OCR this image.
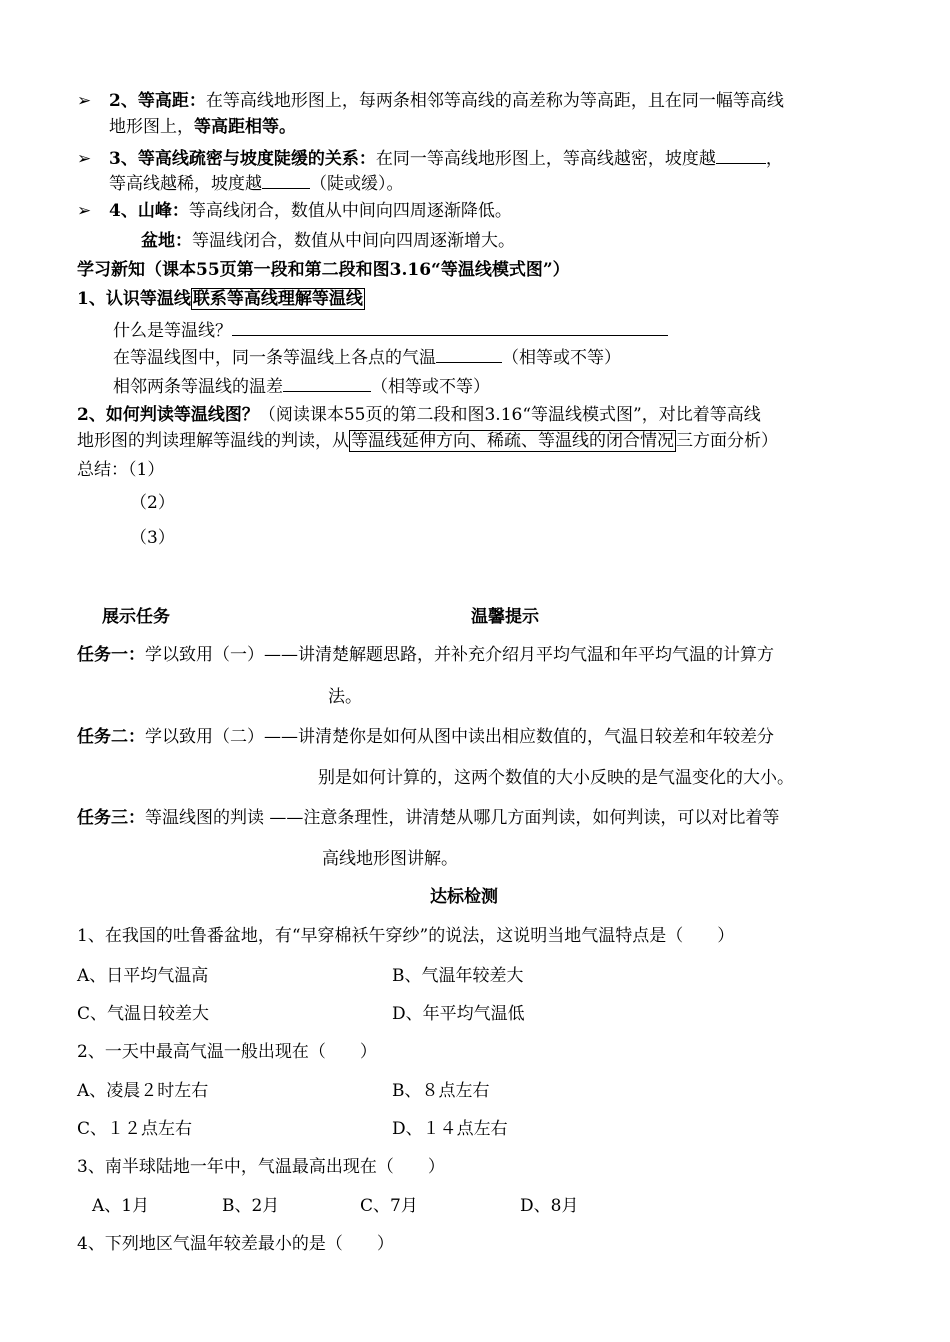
➢ 2、等高距：在等高线地形图上，每两条相邻等高线的高差称为等高距，且在同一幅等高线
地形图上，等高距相等。
➢ 3、等高线疏密与坡度陡缓的关系：在同一等高线地形图上，等高线越密，坡度越	，
等高线越稀，坡度越	（陡或缓）。
➢ 4、山峰：等高线闭合，数值从中间向四周逐渐降低。
盆地：等温线闭合，数值从中间向四周逐渐增大。
学习新知（课本55页第一段和第二段和图3.16“等温线模式图”）
1、认识等温线 联系等高线理解等温线
什么是等温线？
在等温线图中，同一条等温线上各点的气温	（相等或不等）
相邻两条等温线的温差	（相等或不等）
2、如何判读等温线图？（阅读课本55页的第二段和图3.16“等温线模式图”，对比着等高线
地形图的判读理解等温线的判读，从 等温线延伸方向、稀疏、等温线的闭合情况 三方面分析）
总结：（1）
（2）
（3）
展示任务	温馨提示
任务一：学以致用（一）——讲清楚解题思路，并补充介绍月平均气温和年平均气温的计算方
法。
任务二：学以致用（二）——讲清楚你是如何从图中读出相应数值的，气温日较差和年较差分
别是如何计算的，这两个数值的大小反映的是气温变化的大小。
任务三：等温线图的判读 ——注意条理性，讲清楚从哪几方面判读，如何判读，可以对比着等
高线地形图讲解。
达标检测
1、在我国的吐鲁番盆地，有“早穿棉袄午穿纱”的说法，这说明当地气温特点是（　　）
A、日平均气温高	B、气温年较差大
C、气温日较差大	D、年平均气温低
2、一天中最高气温一般出现在（　　）
A、凌晨２时左右	B、８点左右
C、１２点左右	D、１４点左右
3、南半球陆地一年中，气温最高出现在（　　）
A、1月	B、2月	C、7月	D、8月
4、下列地区气温年较差最小的是（　　）
